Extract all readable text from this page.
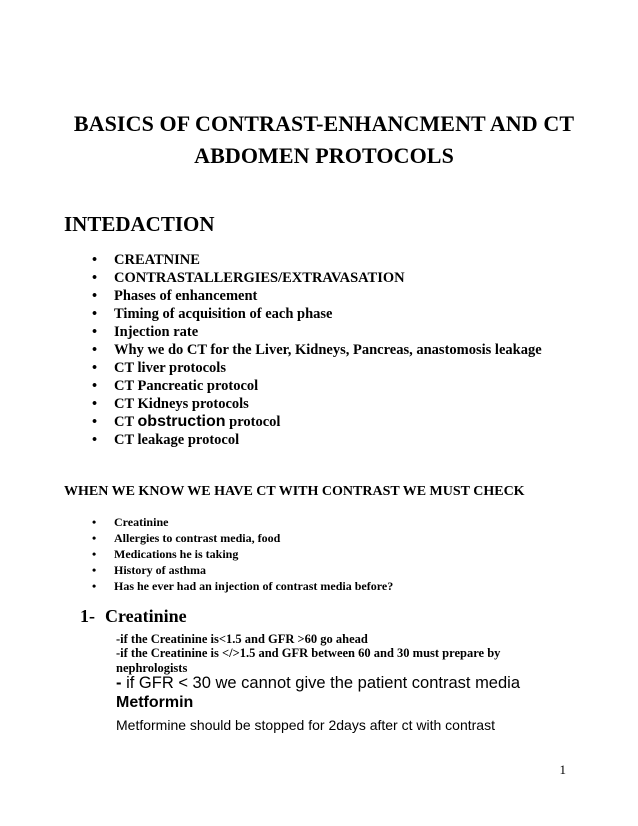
BASICS OF CONTRAST-ENHANCMENT AND CT
ABDOMEN PROTOCOLS
INTEDACTION
• CREATNINE
• CONTRASTALLERGIES/EXTRAVASATION
• Phases of enhancement
• Timing of acquisition of each phase
• Injection rate
• Why we do CT for the Liver, Kidneys, Pancreas, anastomosis leakage
• CT liver protocols
• CT Pancreatic protocol
• CT Kidneys protocols
• CT obstruction protocol
• CT leakage protocol
WHEN WE KNOW WE HAVE CT WITH CONTRAST WE MUST CHECK
• Creatinine
• Allergies to contrast media, food
• Medications he is taking
• History of asthma
• Has he ever had an injection of contrast media before?
1- Creatinine
-if the Creatinine is<1.5 and GFR >60 go ahead
-if the Creatinine is </>1.5 and GFR between 60 and 30 must prepare by nephrologists
- if GFR < 30 we cannot give the patient contrast media
Metformin
Metformine should be stopped for 2days after ct with contrast
1
